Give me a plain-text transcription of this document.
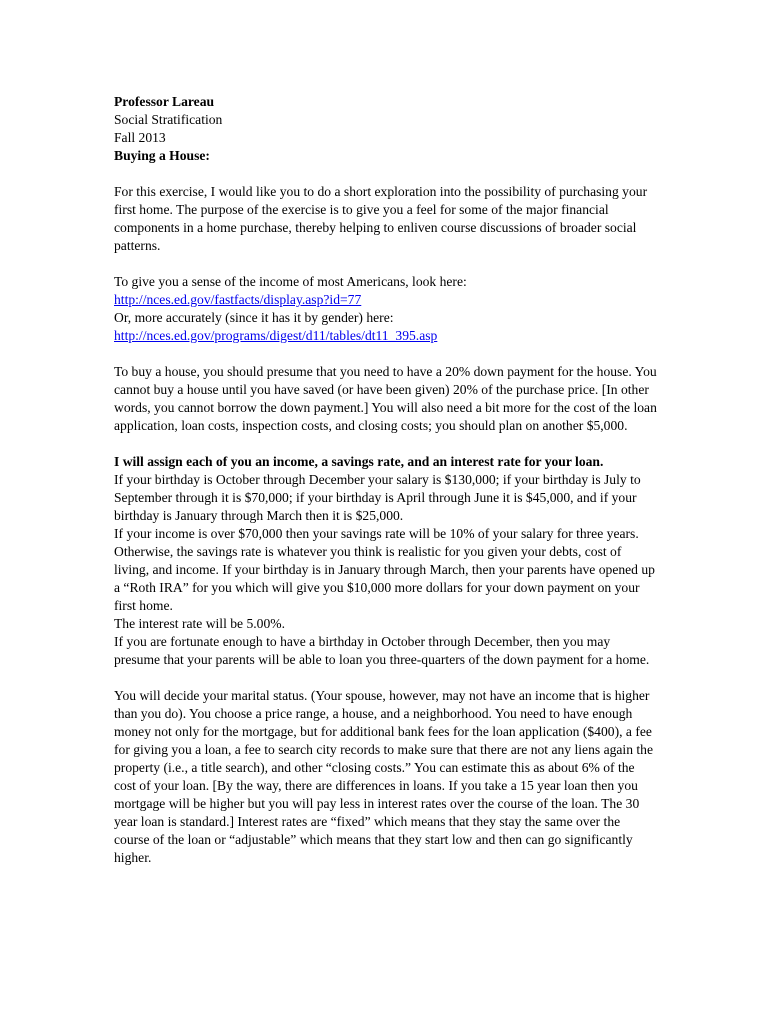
Professor Lareau
Social Stratification
Fall 2013
Buying a House:

For this exercise, I would like you to do a short exploration into the possibility of purchasing your first home. The purpose of the exercise is to give you a feel for some of the major financial components in a home purchase, thereby helping to enliven course discussions of broader social patterns.

To give you a sense of the income of most Americans, look here:
http://nces.ed.gov/fastfacts/display.asp?id=77
Or, more accurately (since it has it by gender) here:
http://nces.ed.gov/programs/digest/d11/tables/dt11_395.asp

To buy a house, you should presume that you need to have a 20% down payment for the house. You cannot buy a house until you have saved (or have been given) 20% of the purchase price. [In other words, you cannot borrow the down payment.] You will also need a bit more for the cost of the loan application, loan costs, inspection costs, and closing costs; you should plan on another $5,000.

I will assign each of you an income, a savings rate, and an interest rate for your loan.
If your birthday is October through December your salary is $130,000; if your birthday is July to September through it is $70,000; if your birthday is April through June it is $45,000, and if your birthday is January through March then it is $25,000.
If your income is over $70,000 then your savings rate will be 10% of your salary for three years. Otherwise, the savings rate is whatever you think is realistic for you given your debts, cost of living, and income. If your birthday is in January through March, then your parents have opened up a “Roth IRA” for you which will give you $10,000 more dollars for your down payment on your first home.
The interest rate will be 5.00%.
If you are fortunate enough to have a birthday in October through December, then you may presume that your parents will be able to loan you three-quarters of the down payment for a home.

You will decide your marital status. (Your spouse, however, may not have an income that is higher than you do). You choose a price range, a house, and a neighborhood. You need to have enough money not only for the mortgage, but for additional bank fees for the loan application ($400), a fee for giving you a loan, a fee to search city records to make sure that there are not any liens again the property (i.e., a title search), and other “closing costs.” You can estimate this as about 6% of the cost of your loan. [By the way, there are differences in loans. If you take a 15 year loan then you mortgage will be higher but you will pay less in interest rates over the course of the loan. The 30 year loan is standard.] Interest rates are “fixed” which means that they stay the same over the course of the loan or “adjustable” which means that they start low and then can go significantly higher.
